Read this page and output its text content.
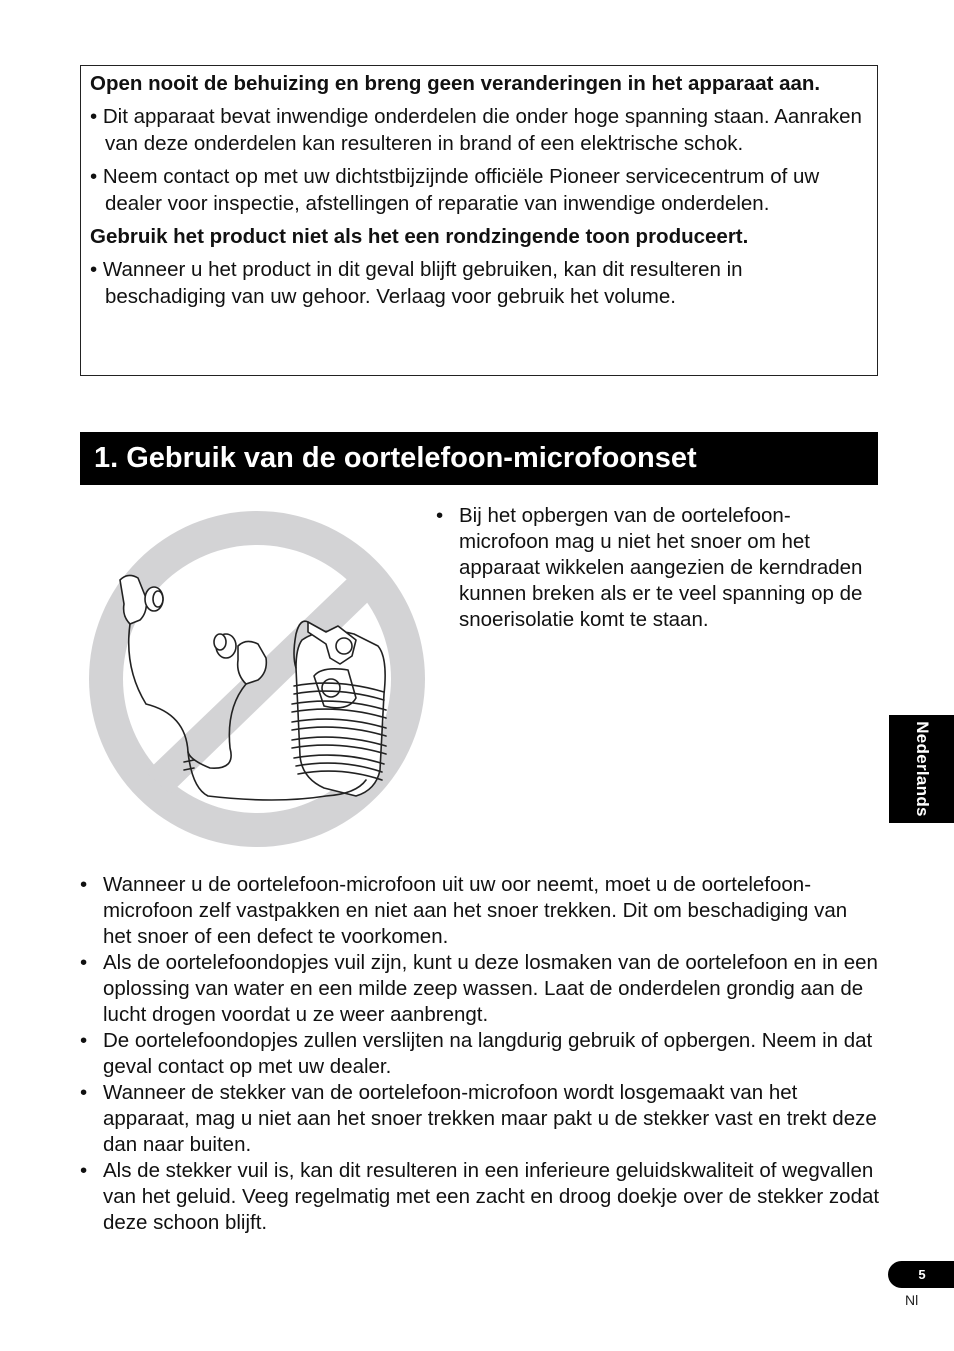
Open nooit de behuizing en breng geen veranderingen in het apparaat aan.

• Dit apparaat bevat inwendige onderdelen die onder hoge spanning staan. Aanraken van deze onderdelen kan resulteren in brand of een elektrische schok.

• Neem contact op met uw dichtstbijzijnde officiële Pioneer servicecentrum of uw dealer voor inspectie, afstellingen of reparatie van inwendige onderdelen.

Gebruik het product niet als het een rondzingende toon produceert.

• Wanneer u het product in dit geval blijft gebruiken, kan dit resulteren in beschadiging van uw gehoor. Verlaag voor gebruik het volume.

1. Gebruik van de oortelefoon-microfoonset
• Bij het opbergen van de oortelefoon-microfoon mag u niet het snoer om het apparaat wikkelen aangezien de kerndraden kunnen breken als er te veel spanning op de snoerisolatie komt te staan.
Nederlands
• Wanneer u de oortelefoon-microfoon uit uw oor neemt, moet u de oortelefoon-microfoon zelf vastpakken en niet aan het snoer trekken. Dit om beschadiging van het snoer of een defect te voorkomen.
• Als de oortelefoondopjes vuil zijn, kunt u deze losmaken van de oortelefoon en in een oplossing van water en een milde zeep wassen. Laat de onderdelen grondig aan de lucht drogen voordat u ze weer aanbrengt.
• De oortelefoondopjes zullen verslijten na langdurig gebruik of opbergen. Neem in dat geval contact op met uw dealer.
• Wanneer de stekker van de oortelefoon-microfoon wordt losgemaakt van het apparaat, mag u niet aan het snoer trekken maar pakt u de stekker vast en trekt deze dan naar buiten.
• Als de stekker vuil is, kan dit resulteren in een inferieure geluidskwaliteit of wegvallen van het geluid. Veeg regelmatig met een zacht en droog doekje over de stekker zodat deze schoon blijft.
5
Nl
